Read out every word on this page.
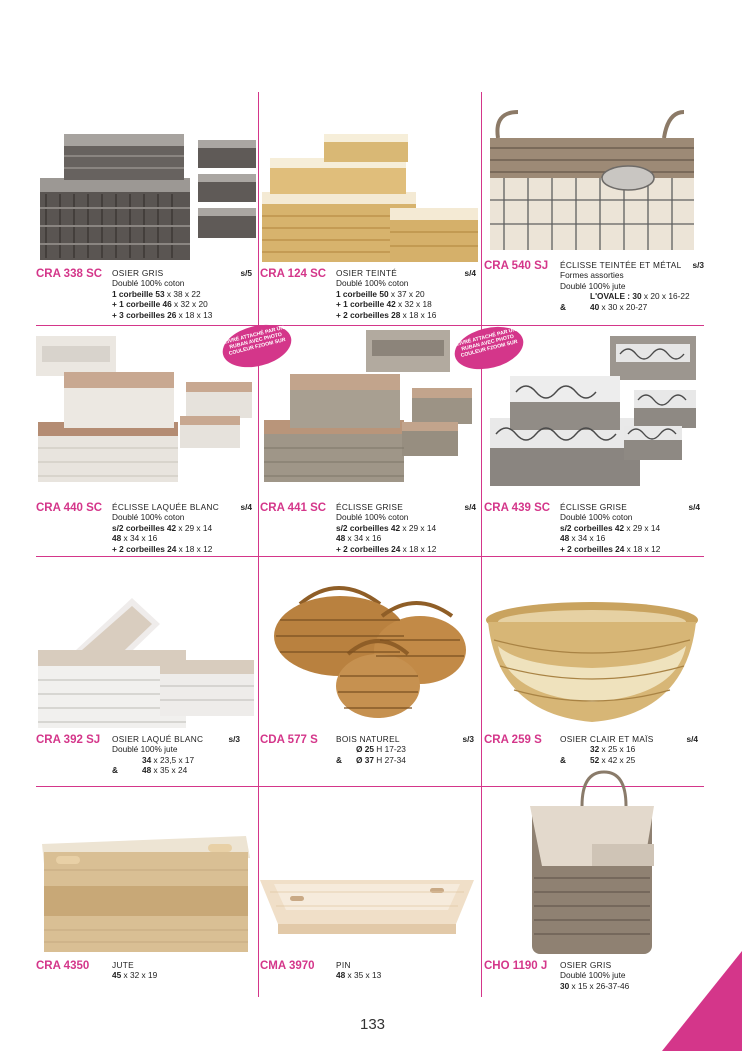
CRA 338 SC OSIER GRIS	s/5
Doublé 100% coton
1 corbeille 53 x 38 x 22
+ 1 corbeille 46 x 32 x 20
+ 3 corbeilles 26 x 18 x 13
CRA 124 SC OSIER TEINTÉ	s/4
Doublé 100% coton
1 corbeille 50 x 37 x 20
+ 1 corbeille 42 x 32 x 18
+ 2 corbeilles 28 x 18 x 16
CRA 540 SJ ÉCLISSE TEINTÉE ET MÉTAL	s/3
Formes assorties
Doublé 100% jute
L'OVALE : 30 x 20 x 16-22
&	40 x 30 x 20-27
LIVRÉ ATTACHÉ PAR UN RUBAN AVEC PHOTO COULEUR FZOOM SUR
CRA 440 SC ÉCLISSE LAQUÉE BLANC	s/4
Doublé 100% coton
s/2 corbeilles 42 x 29 x 14
48 x 34 x 16
+ 2 corbeilles 24 x 18 x 12
LIVRÉ ATTACHÉ PAR UN RUBAN AVEC PHOTO COULEUR FZOOM SUR
CRA 441 SC ÉCLISSE GRISE	s/4
Doublé 100% coton
s/2 corbeilles 42 x 29 x 14
48 x 34 x 16
+ 2 corbeilles 24 x 18 x 12
CRA 439 SC ÉCLISSE GRISE	s/4
Doublé 100% coton
s/2 corbeilles 42 x 29 x 14
48 x 34 x 16
+ 2 corbeilles 24 x 18 x 12
CRA 392 SJ OSIER LAQUÉ BLANC	s/3
Doublé 100% jute
34 x 23,5 x 17
&	48 x 35 x 24
CDA 577 S BOIS NATUREL	s/3
Ø 25 H 17-23
& Ø 37 H 27-34
CRA 259 S OSIER CLAIR ET MAÏS	s/4
32 x 25 x 16
&	52 x 42 x 25
CRA 4350	JUTE
45 x 32 x 19
CMA 3970	PIN
48 x 35 x 13
CHO 1190 J OSIER GRIS
Doublé 100% jute
30 x 15 x 26-37-46
133
